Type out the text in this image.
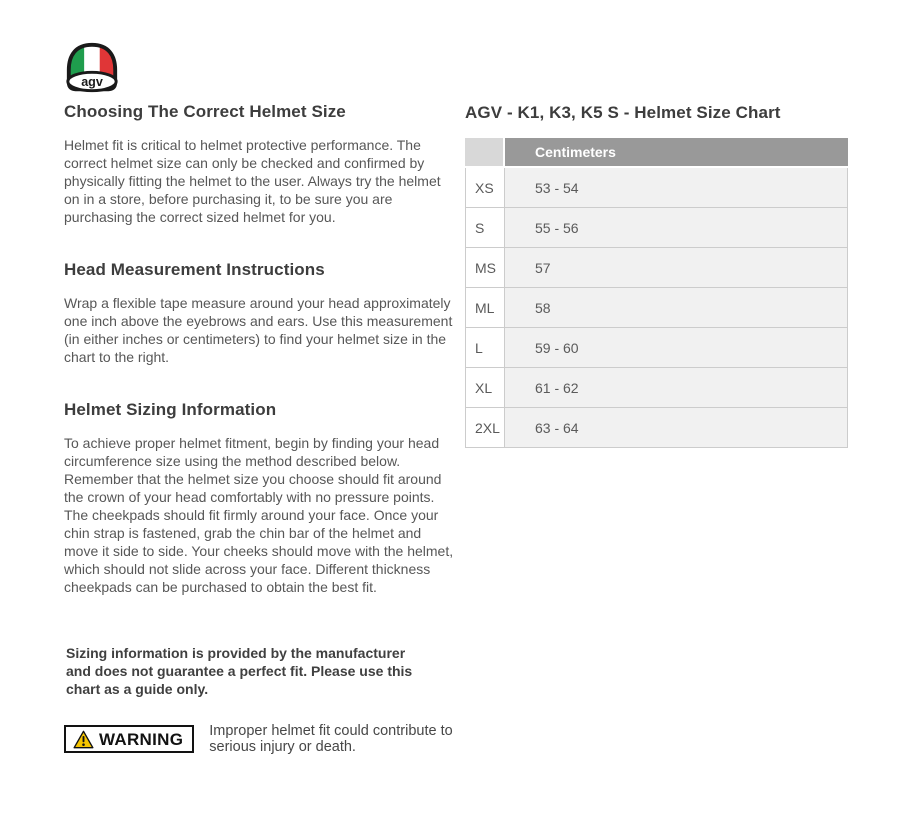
agv
Choosing The Correct Helmet Size

Helmet fit is critical to helmet protective performance. The correct helmet size can only be checked and confirmed by physically fitting the helmet to the user. Always try the helmet on in a store, before purchasing it, to be sure you are purchasing the correct sized helmet for you.

Head Measurement Instructions

Wrap a flexible tape measure around your head approximately one inch above the eyebrows and ears. Use this measurement (in either inches or centimeters) to find your helmet size in the chart to the right.

Helmet Sizing Information

To achieve proper helmet fitment, begin by finding your head circumference size using the method described below. Remember that the helmet size you choose should fit around the crown of your head comfortably with no pressure points. The cheekpads should fit firmly around your face. Once your chin strap is fastened, grab the chin bar of the helmet and move it side to side. Your cheeks should move with the helmet, which should not slide across your face. Different thickness cheekpads can be purchased to obtain the best fit.

Sizing information is provided by the manufacturer and does not guarantee a perfect fit. Please use this chart as a guide only.
WARNING Improper helmet fit could contribute to serious injury or death.
AGV - K1, K3, K5 S - Helmet Size Chart
	Centimeters
XS	53 - 54
S	55 - 56
MS	57
ML	58
L	59 - 60
XL	61 - 62
2XL	63 - 64
